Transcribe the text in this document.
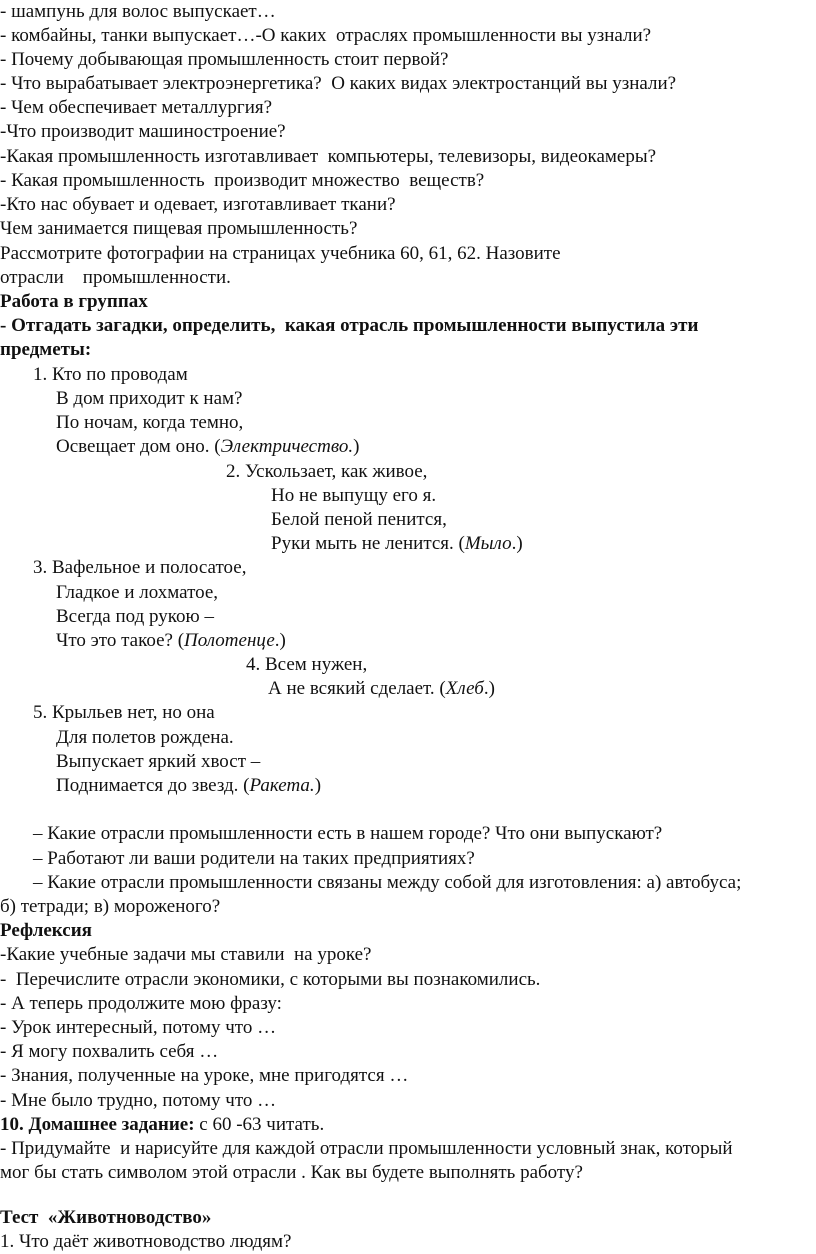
- шампунь для волос выпускает…
- комбайны, танки выпускает…-О каких  отраслях промышленности вы узнали?
- Почему добывающая промышленность стоит первой?
- Что вырабатывает электроэнергетика?  О каких видах электростанций вы узнали?
- Чем обеспечивает металлургия?
-Что производит машиностроение?
-Какая промышленность изготавливает  компьютеры, телевизоры, видеокамеры?
- Какая промышленность  производит множество  веществ?
-Кто нас обувает и одевает, изготавливает ткани?
Чем занимается пищевая промышленность?
Рассмотрите фотографии на страницах учебника 60, 61, 62. Назовите
отрасли    промышленности.
Работа в группах
- Отгадать загадки, определить,  какая отрасль промышленности выпустила эти
предметы:
1. Кто по проводам
В дом приходит к нам?
По ночам, когда темно,
Освещает дом оно. (Электричество.)
2. Ускользает, как живое,
Но не выпущу его я.
Белой пеной пенится,
Руки мыть не ленится. (Мыло.)
3. Вафельное и полосатое,
Гладкое и лохматое,
Всегда под рукою –
Что это такое? (Полотенце.)
4. Всем нужен,
А не всякий сделает. (Хлеб.)
5. Крыльев нет, но она
Для полетов рождена.
Выпускает яркий хвост –
Поднимается до звезд. (Ракета.)
– Какие отрасли промышленности есть в нашем городе? Что они выпускают?
– Работают ли ваши родители на таких предприятиях?
– Какие отрасли промышленности связаны между собой для изготовления: а) автобуса;
б) тетради; в) мороженого?
Рефлексия
-Какие учебные задачи мы ставили  на уроке?
-  Перечислите отрасли экономики, с которыми вы познакомились.
- А теперь продолжите мою фразу:
- Урок интересный, потому что …
- Я могу похвалить себя …
- Знания, полученные на уроке, мне пригодятся …
- Мне было трудно, потому что …
10. Домашнее задание: с 60 -63 читать.
- Придумайте  и нарисуйте для каждой отрасли промышленности условный знак, который
мог бы стать символом этой отрасли . Как вы будете выполнять работу?
Тест  «Животноводство»
1. Что даёт животноводство людям?
